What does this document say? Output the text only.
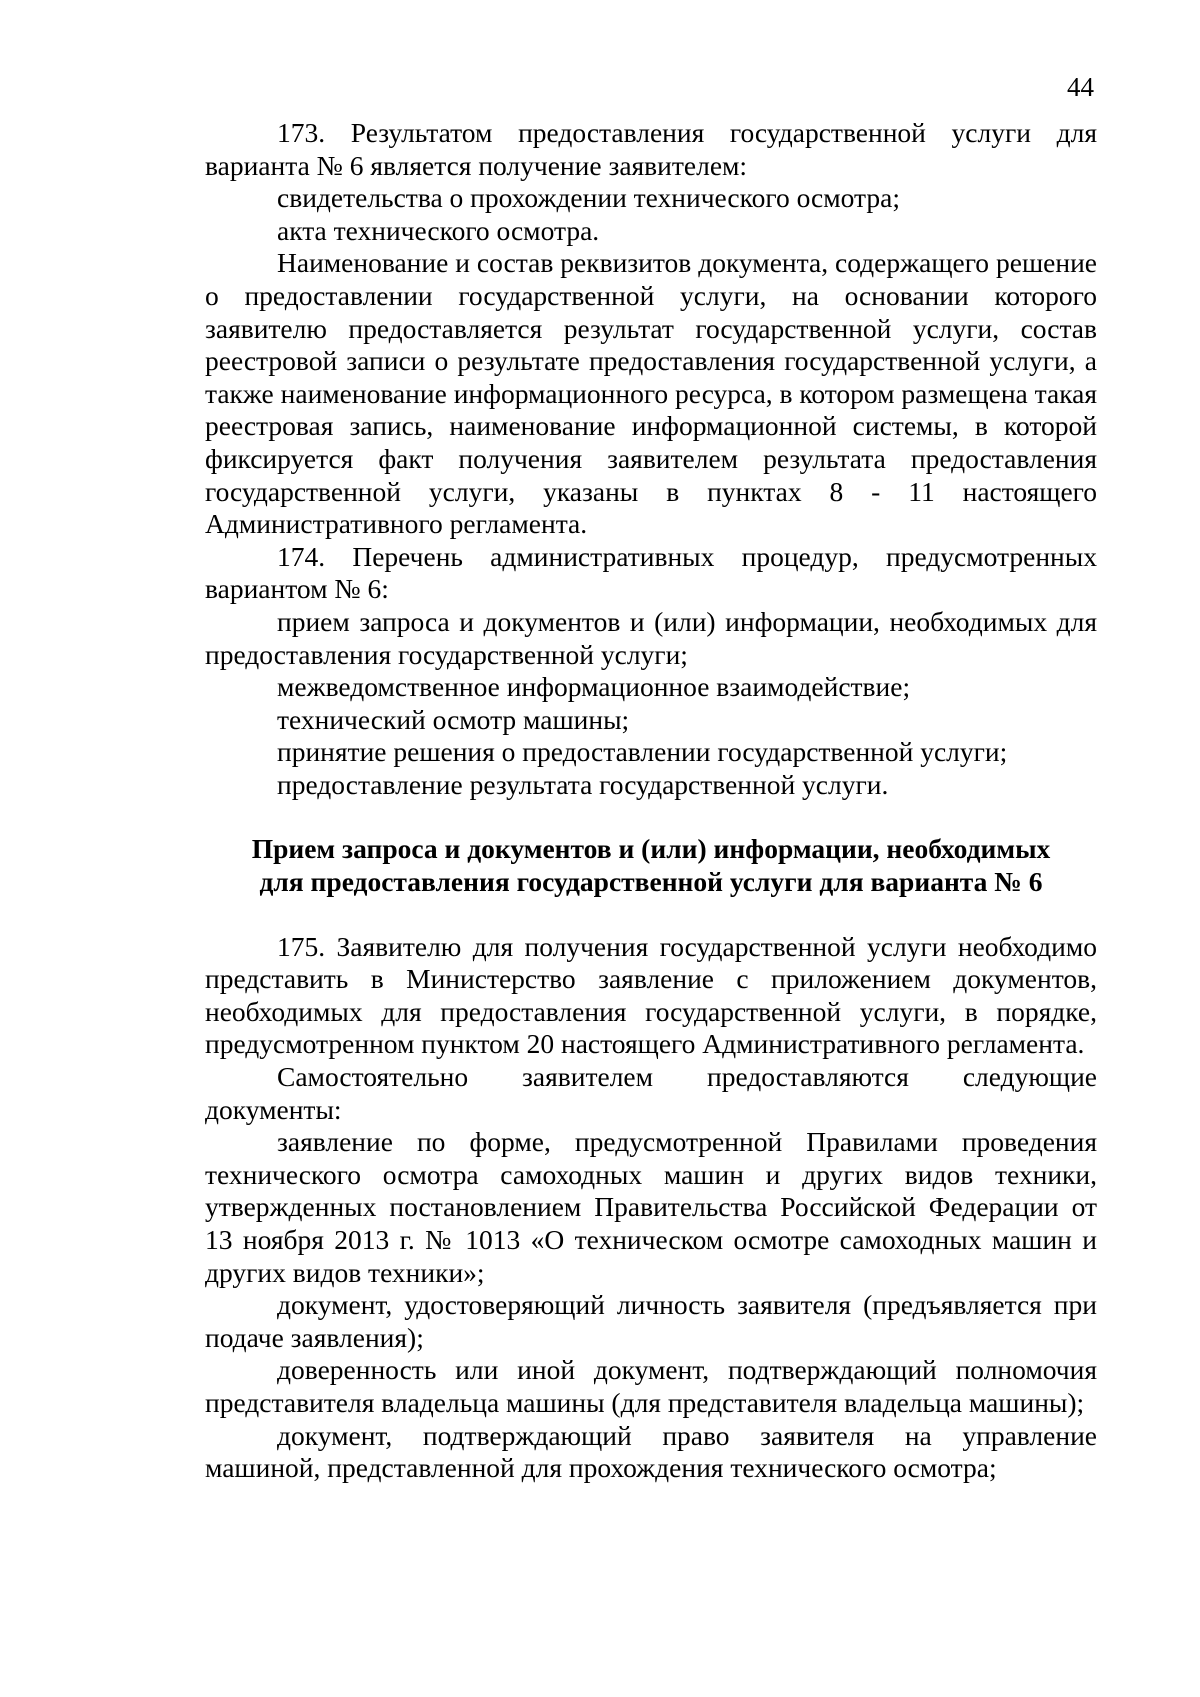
44

173. Результатом предоставления государственной услуги для варианта № 6 является получение заявителем:

свидетельства о прохождении технического осмотра;

акта технического осмотра.

Наименование и состав реквизитов документа, содержащего решение о предоставлении государственной услуги, на основании которого заявителю предоставляется результат государственной услуги, состав реестровой записи о результате предоставления государственной услуги, а также наименование информационного ресурса, в котором размещена такая реестровая запись, наименование информационной системы, в которой фиксируется факт получения заявителем результата предоставления государственной услуги, указаны в пунктах 8 - 11 настоящего Административного регламента.

174. Перечень административных процедур, предусмотренных вариантом № 6:

прием запроса и документов и (или) информации, необходимых для предоставления государственной услуги;

межведомственное информационное взаимодействие;

технический осмотр машины;

принятие решения о предоставлении государственной услуги;

предоставление результата государственной услуги.

Прием запроса и документов и (или) информации, необходимых
для предоставления государственной услуги для варианта № 6

175. Заявителю для получения государственной услуги необходимо представить в Министерство заявление с приложением документов, необходимых для предоставления государственной услуги, в порядке, предусмотренном пунктом 20 настоящего Административного регламента.

Самостоятельно заявителем предоставляются следующие документы:

заявление по форме, предусмотренной Правилами проведения технического осмотра самоходных машин и других видов техники, утвержденных постановлением Правительства Российской Федерации от 13 ноября 2013 г. № 1013 «О техническом осмотре самоходных машин и других видов техники»;

документ, удостоверяющий личность заявителя (предъявляется при подаче заявления);

доверенность или иной документ, подтверждающий полномочия представителя владельца машины (для представителя владельца машины);

документ, подтверждающий право заявителя на управление машиной, представленной для прохождения технического осмотра;
